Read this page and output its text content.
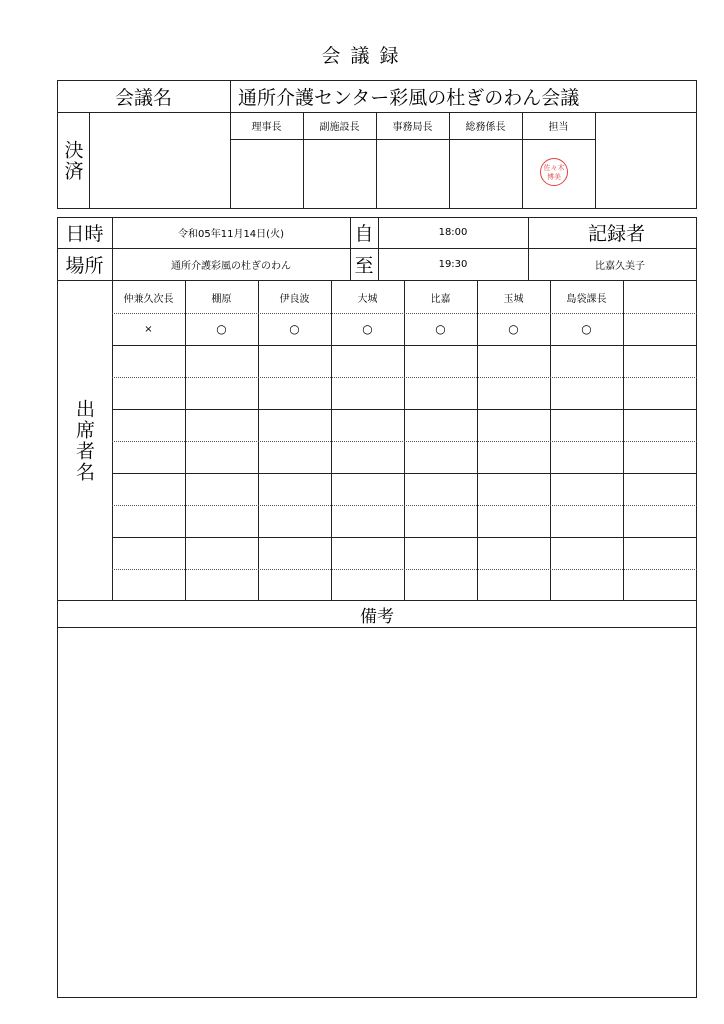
会議録
会議名	通所介護センター彩風の杜ぎのわん会議
決済
理事長	副施設長	事務局長	総務係長	担当
佐々木
博美
日時	令和05年11月14日(火)	自	18:00	記録者
場所	通所介護彩風の杜ぎのわん	至	19:30	比嘉久美子
出席者名
仲兼久次長	棚原	伊良波	大城	比嘉	玉城	島袋課長
×	○	○	○	○	○	○
備考
